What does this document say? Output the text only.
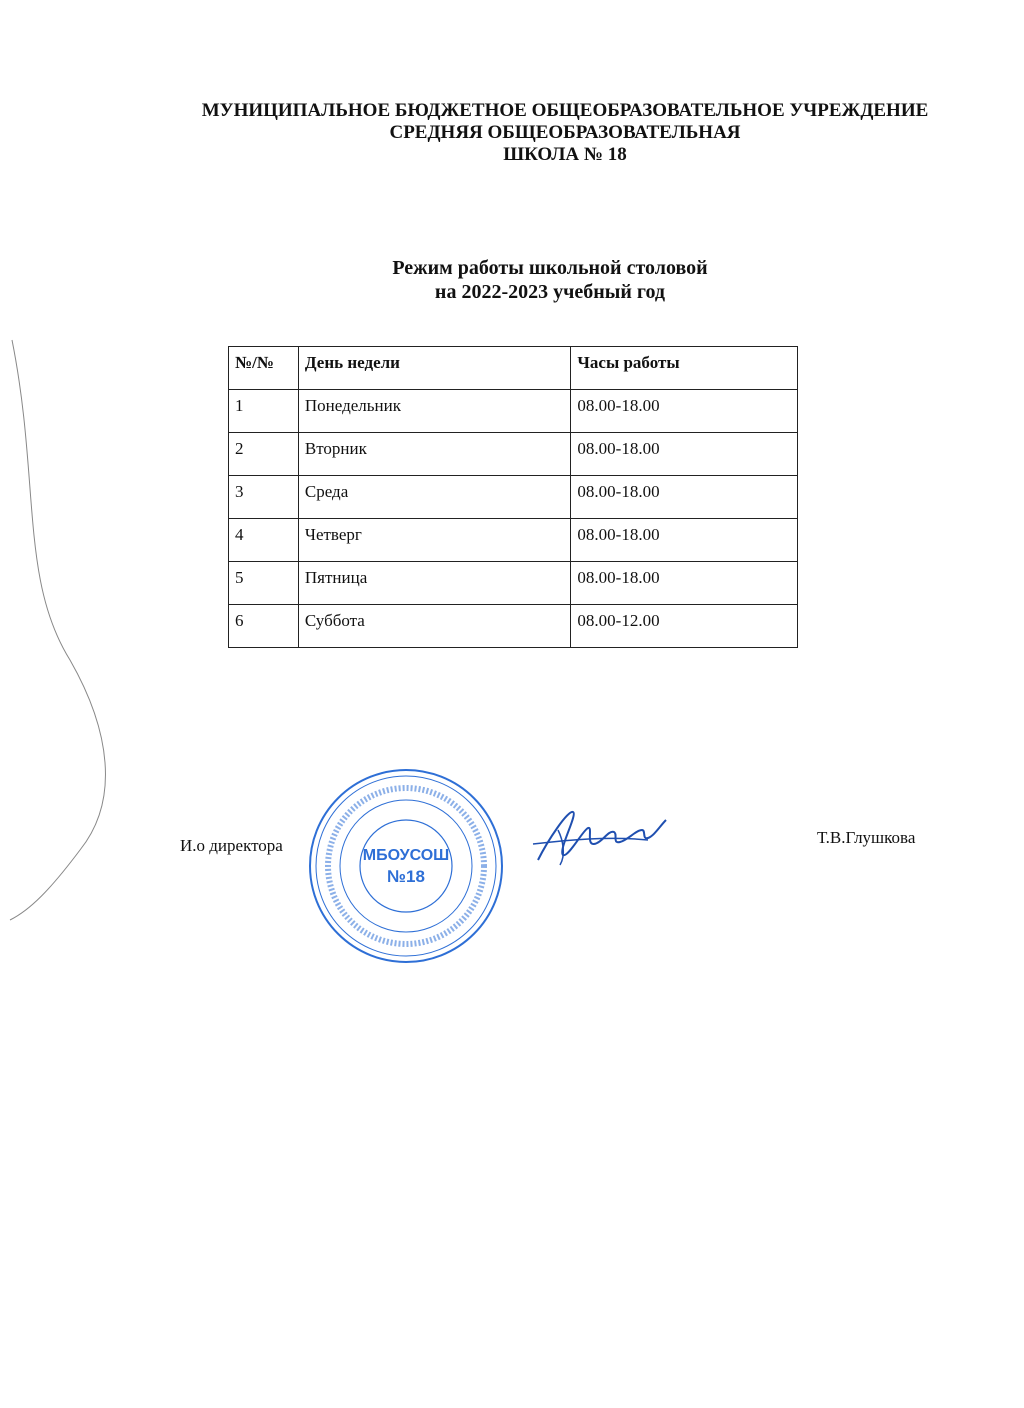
МУНИЦИПАЛЬНОЕ БЮДЖЕТНОЕ ОБЩЕОБРАЗОВАТЕЛЬНОЕ УЧРЕЖДЕНИЕ
СРЕДНЯЯ ОБЩЕОБРАЗОВАТЕЛЬНАЯ
ШКОЛА № 18
Режим работы школьной столовой
на 2022-2023 учебный год
№/№	День недели	Часы работы
1	Понедельник	08.00-18.00
2	Вторник	08.00-18.00
3	Среда	08.00-18.00
4	Четверг	08.00-18.00
5	Пятница	08.00-18.00
6	Суббота	08.00-12.00
И.о директора
МБОУСОШ
№18
Т.В.Глушкова
